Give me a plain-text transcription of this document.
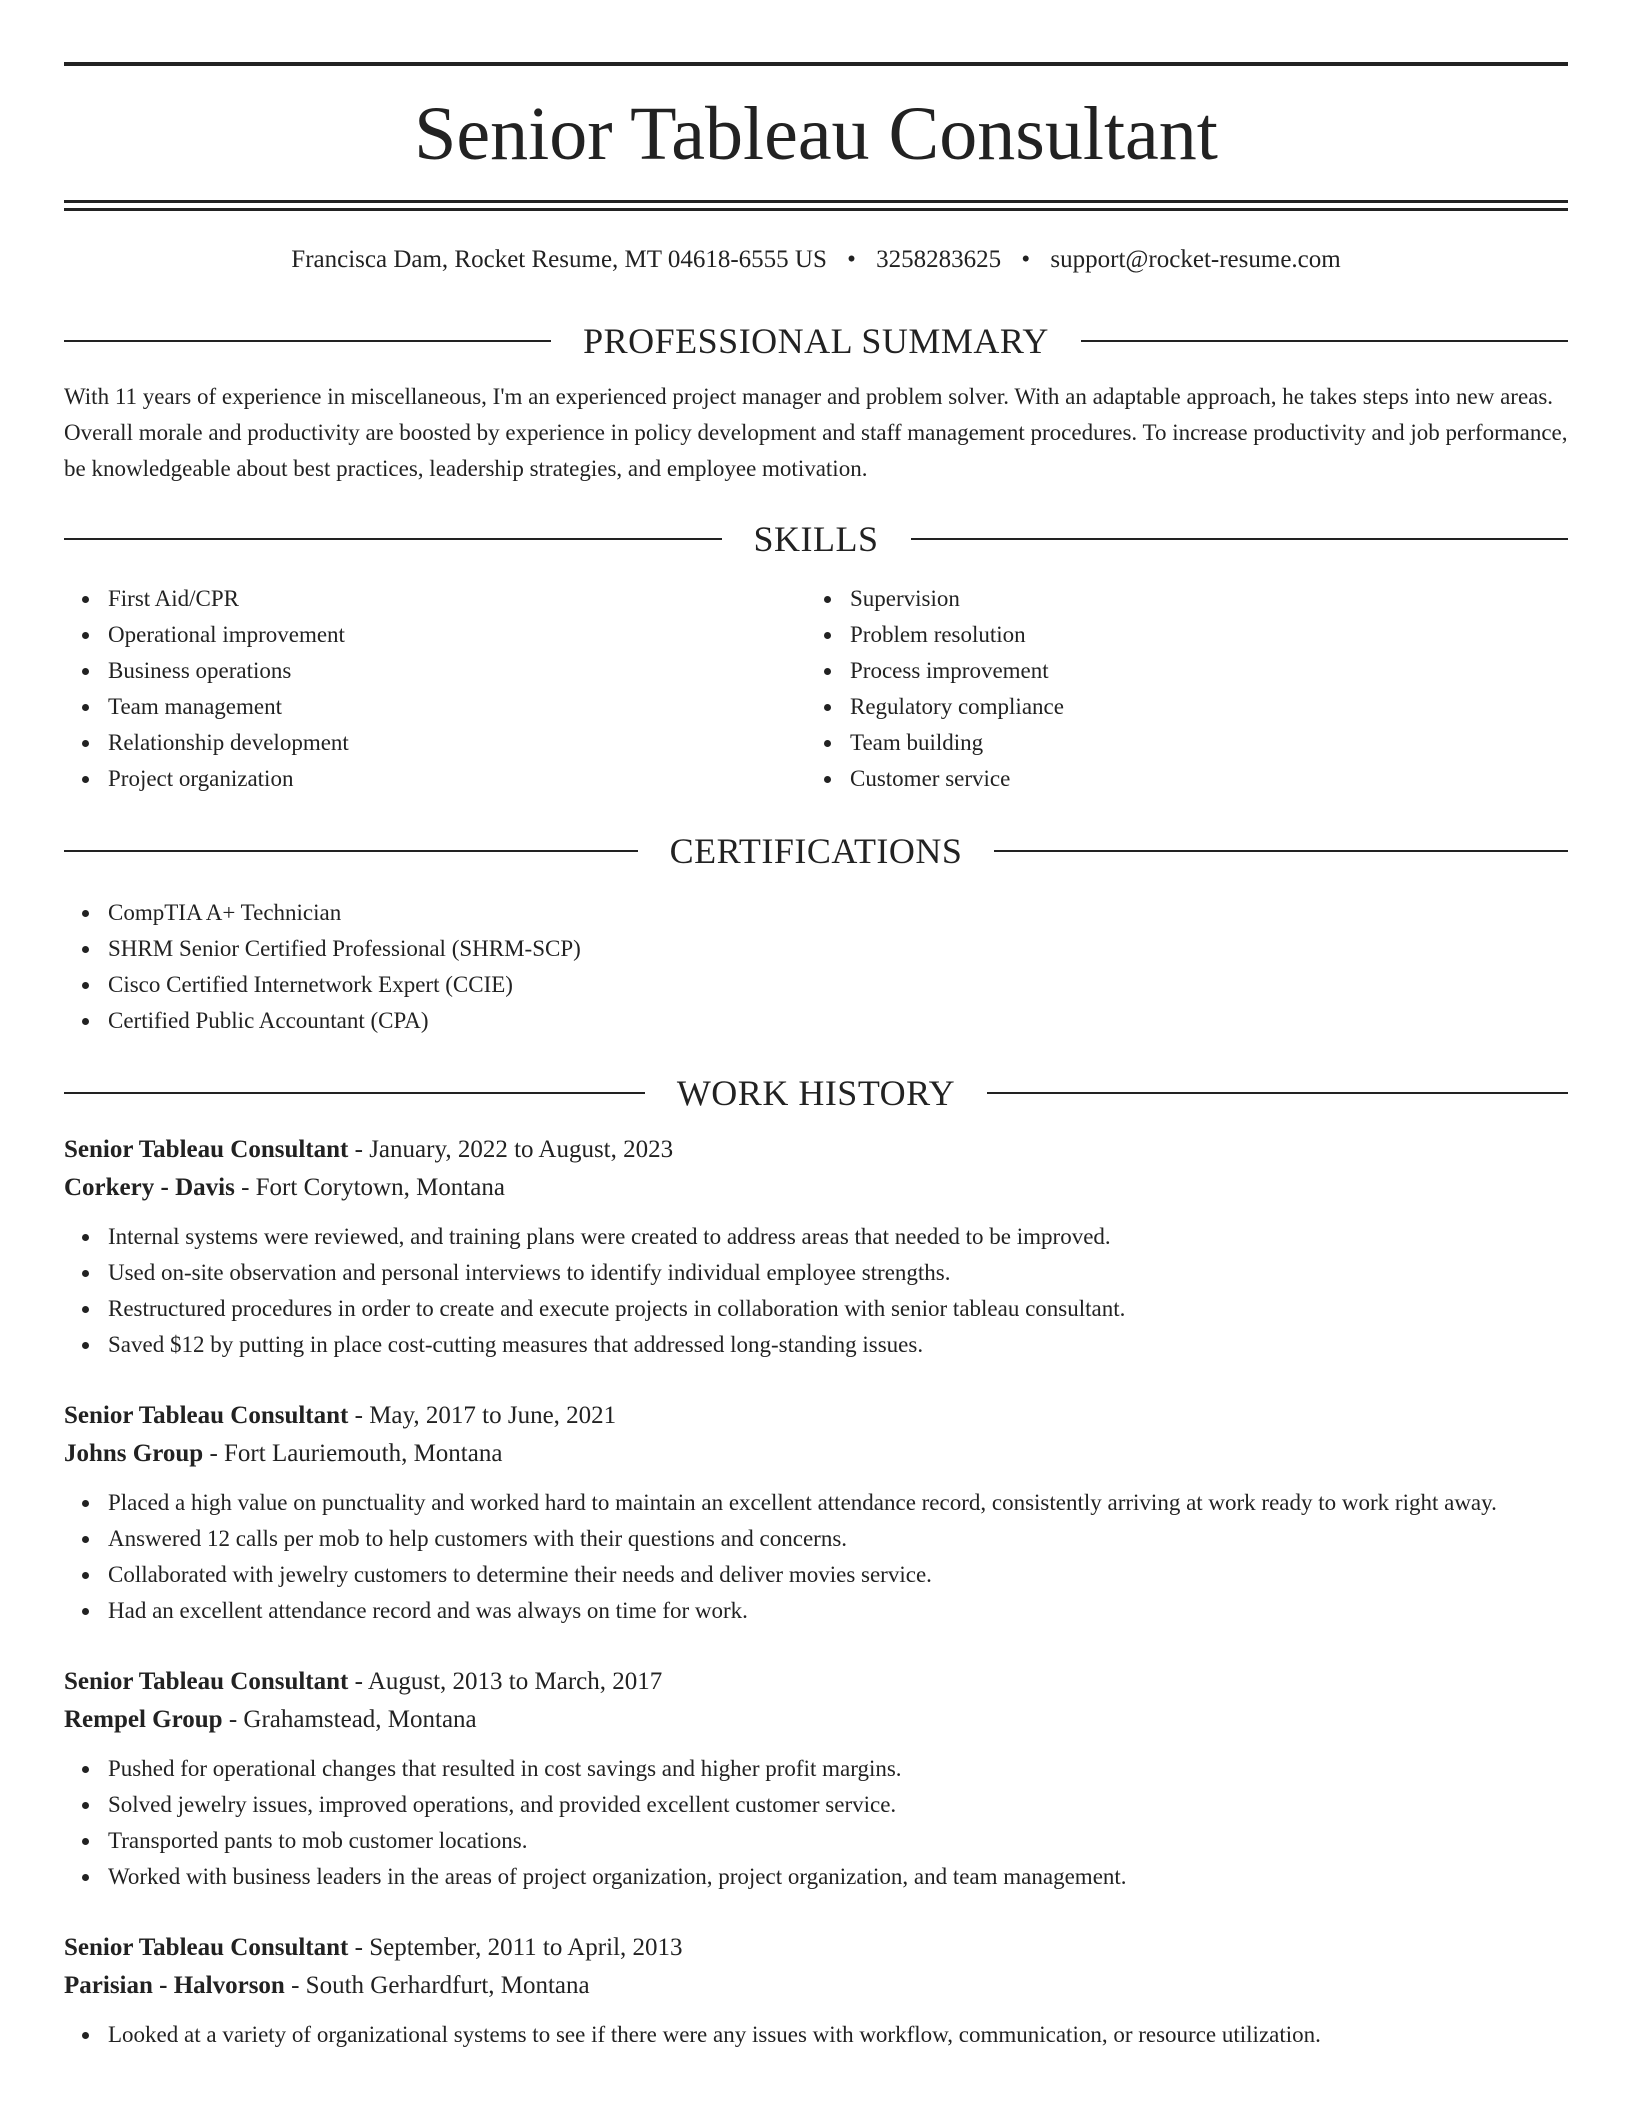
Senior Tableau Consultant
Francisca Dam, Rocket Resume, MT 04618-6555 US • 3258283625 • support@rocket-resume.com
PROFESSIONAL SUMMARY

With 11 years of experience in miscellaneous, I'm an experienced project manager and problem solver. With an adaptable approach, he takes steps into new areas. Overall morale and productivity are boosted by experience in policy development and staff management procedures. To increase productivity and job performance, be knowledgeable about best practices, leadership strategies, and employee motivation.

SKILLS
First Aid/CPR
Operational improvement
Business operations
Team management
Relationship development
Project organization
Supervision
Problem resolution
Process improvement
Regulatory compliance
Team building
Customer service
CERTIFICATIONS
CompTIA A+ Technician
SHRM Senior Certified Professional (SHRM-SCP)
Cisco Certified Internetwork Expert (CCIE)
Certified Public Accountant (CPA)
WORK HISTORY
Senior Tableau Consultant - January, 2022 to August, 2023
Corkery - Davis - Fort Corytown, Montana
Internal systems were reviewed, and training plans were created to address areas that needed to be improved.
Used on-site observation and personal interviews to identify individual employee strengths.
Restructured procedures in order to create and execute projects in collaboration with senior tableau consultant.
Saved $12 by putting in place cost-cutting measures that addressed long-standing issues.
Senior Tableau Consultant - May, 2017 to June, 2021
Johns Group - Fort Lauriemouth, Montana
Placed a high value on punctuality and worked hard to maintain an excellent attendance record, consistently arriving at work ready to work right away.
Answered 12 calls per mob to help customers with their questions and concerns.
Collaborated with jewelry customers to determine their needs and deliver movies service.
Had an excellent attendance record and was always on time for work.
Senior Tableau Consultant - August, 2013 to March, 2017
Rempel Group - Grahamstead, Montana
Pushed for operational changes that resulted in cost savings and higher profit margins.
Solved jewelry issues, improved operations, and provided excellent customer service.
Transported pants to mob customer locations.
Worked with business leaders in the areas of project organization, project organization, and team management.
Senior Tableau Consultant - September, 2011 to April, 2013
Parisian - Halvorson - South Gerhardfurt, Montana
Looked at a variety of organizational systems to see if there were any issues with workflow, communication, or resource utilization.
